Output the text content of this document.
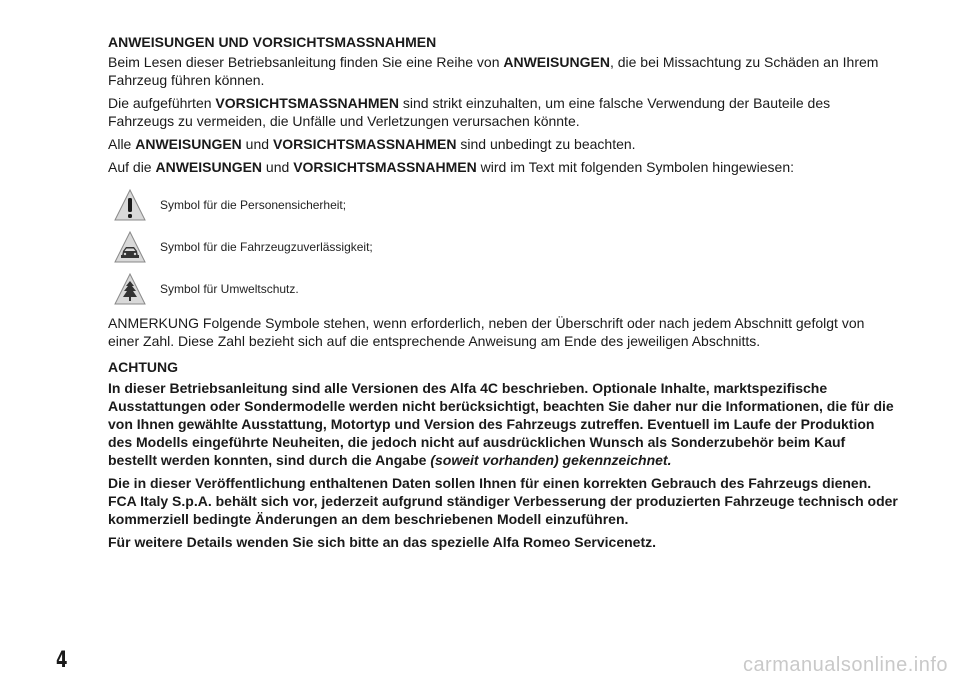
ANWEISUNGEN UND VORSICHTSMASSNAHMEN

Beim Lesen dieser Betriebsanleitung finden Sie eine Reihe von ANWEISUNGEN, die bei Missachtung zu Schäden an Ihrem Fahrzeug führen können.

Die aufgeführten VORSICHTSMASSNAHMEN sind strikt einzuhalten, um eine falsche Verwendung der Bauteile des Fahrzeugs zu vermeiden, die Unfälle und Verletzungen verursachen könnte.

Alle ANWEISUNGEN und VORSICHTSMASSNAHMEN sind unbedingt zu beachten.

Auf die ANWEISUNGEN und VORSICHTSMASSNAHMEN wird im Text mit folgenden Symbolen hingewiesen:

Symbol für die Personensicherheit;
Symbol für die Fahrzeugzuverlässigkeit;
Symbol für Umweltschutz.

ANMERKUNG Folgende Symbole stehen, wenn erforderlich, neben der Überschrift oder nach jedem Abschnitt gefolgt von einer Zahl. Diese Zahl bezieht sich auf die entsprechende Anweisung am Ende des jeweiligen Abschnitts.

ACHTUNG

In dieser Betriebsanleitung sind alle Versionen des Alfa 4C beschrieben. Optionale Inhalte, marktspezifische Ausstattungen oder Sondermodelle werden nicht berücksichtigt, beachten Sie daher nur die Informationen, die für die von Ihnen gewählte Ausstattung, Motortyp und Version des Fahrzeugs zutreffen. Eventuell im Laufe der Produktion des Modells eingeführte Neuheiten, die jedoch nicht auf ausdrücklichen Wunsch als Sonderzubehör beim Kauf bestellt werden konnten, sind durch die Angabe (soweit vorhanden) gekennzeichnet.

Die in dieser Veröffentlichung enthaltenen Daten sollen Ihnen für einen korrekten Gebrauch des Fahrzeugs dienen. FCA Italy S.p.A. behält sich vor, jederzeit aufgrund ständiger Verbesserung der produzierten Fahrzeuge technisch oder kommerziell bedingte Änderungen an dem beschriebenen Modell einzuführen.

Für weitere Details wenden Sie sich bitte an das spezielle Alfa Romeo Servicenetz.

4	carmanualsonline.info
